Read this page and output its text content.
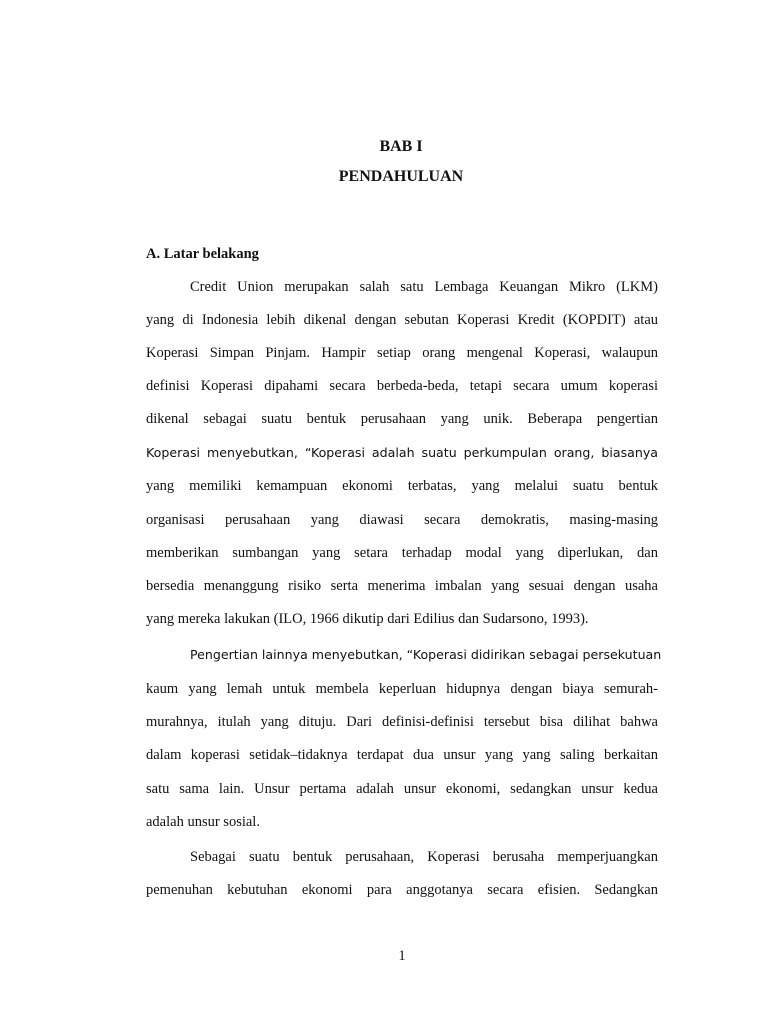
BAB I
PENDAHULUAN
A. Latar belakang
Credit Union merupakan salah satu Lembaga Keuangan Mikro (LKM)
yang di Indonesia lebih dikenal dengan sebutan Koperasi Kredit (KOPDIT) atau
Koperasi Simpan Pinjam. Hampir setiap orang mengenal Koperasi, walaupun
definisi Koperasi dipahami secara berbeda-beda, tetapi secara umum koperasi
dikenal sebagai suatu bentuk perusahaan yang unik. Beberapa pengertian
Koperasi menyebutkan, “Koperasi adalah suatu perkumpulan orang, biasanya
yang memiliki kemampuan ekonomi terbatas, yang melalui suatu bentuk
organisasi perusahaan yang diawasi secara demokratis, masing-masing
memberikan sumbangan yang setara terhadap modal yang diperlukan, dan
bersedia menanggung risiko serta menerima imbalan yang sesuai dengan usaha
yang mereka lakukan (ILO, 1966 dikutip dari Edilius dan Sudarsono, 1993).
Pengertian lainnya menyebutkan, “Koperasi didirikan sebagai persekutuan
kaum yang lemah untuk membela keperluan hidupnya dengan biaya semurah-
murahnya, itulah yang dituju. Dari definisi-definisi tersebut bisa dilihat bahwa
dalam koperasi setidak–tidaknya terdapat dua unsur yang yang saling berkaitan
satu sama lain. Unsur pertama adalah unsur ekonomi, sedangkan unsur kedua
adalah unsur sosial.
Sebagai suatu bentuk perusahaan, Koperasi berusaha memperjuangkan
pemenuhan kebutuhan ekonomi para anggotanya secara efisien. Sedangkan
1
